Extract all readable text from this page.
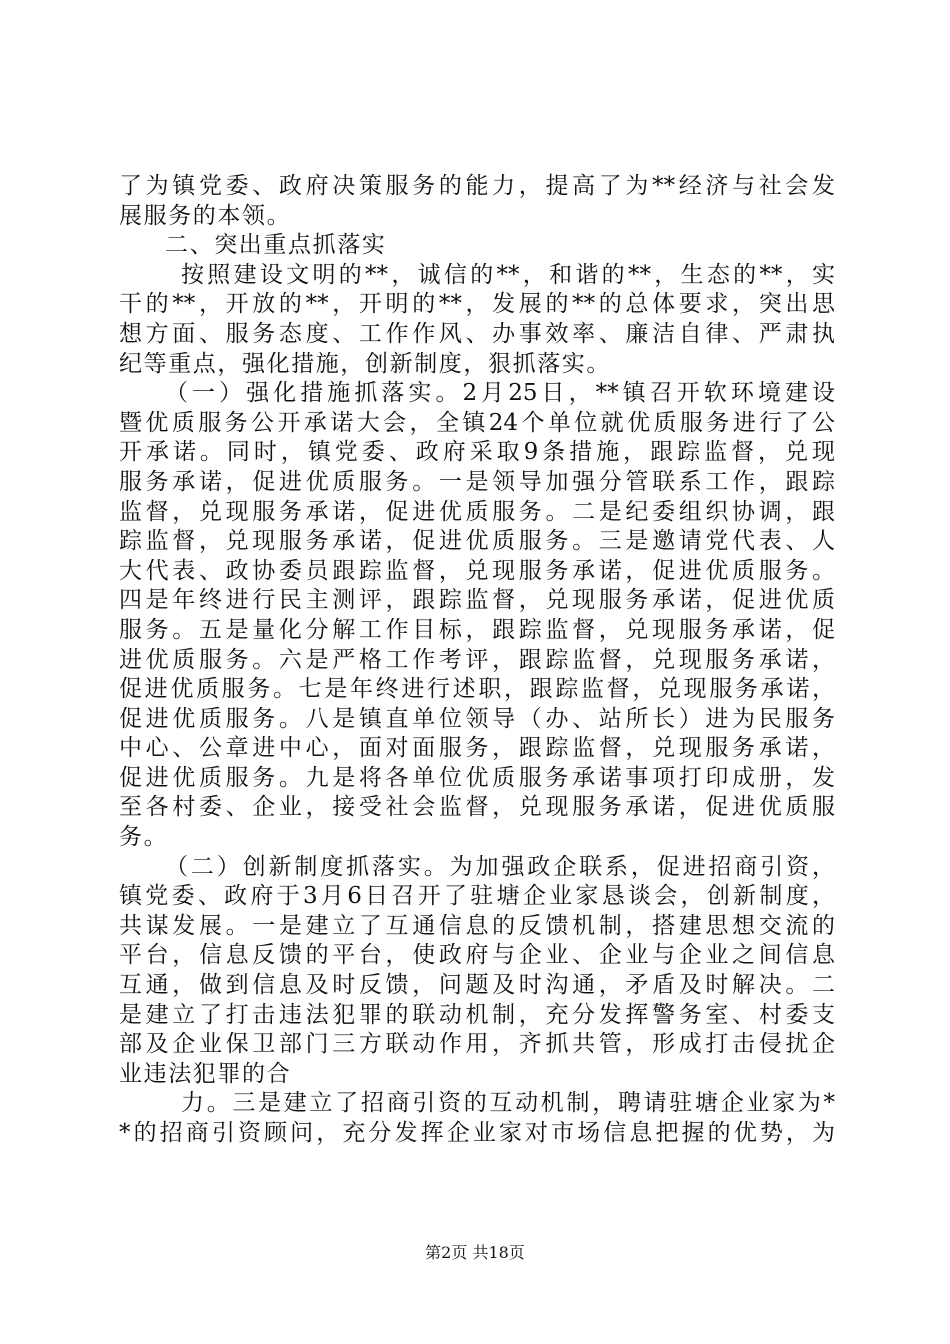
了为镇党委、政府决策服务的能力，提高了为**经济与社会发
展服务的本领。
二、突出重点抓落实
按照建设文明的**，诚信的**，和谐的**，生态的**，实
干的**，开放的**，开明的**，发展的**的总体要求，突出思
想方面、服务态度、工作作风、办事效率、廉洁自律、严肃执
纪等重点，强化措施，创新制度，狠抓落实。
（一）强化措施抓落实。2月25日，**镇召开软环境建设
暨优质服务公开承诺大会，全镇24个单位就优质服务进行了公
开承诺。同时，镇党委、政府采取9条措施，跟踪监督，兑现
服务承诺，促进优质服务。一是领导加强分管联系工作，跟踪
监督，兑现服务承诺，促进优质服务。二是纪委组织协调，跟
踪监督，兑现服务承诺，促进优质服务。三是邀请党代表、人
大代表、政协委员跟踪监督，兑现服务承诺，促进优质服务。
四是年终进行民主测评，跟踪监督，兑现服务承诺，促进优质
服务。五是量化分解工作目标，跟踪监督，兑现服务承诺，促
进优质服务。六是严格工作考评，跟踪监督，兑现服务承诺，
促进优质服务。七是年终进行述职，跟踪监督，兑现服务承诺，
促进优质服务。八是镇直单位领导（办、站所长）进为民服务
中心、公章进中心，面对面服务，跟踪监督，兑现服务承诺，
促进优质服务。九是将各单位优质服务承诺事项打印成册，发
至各村委、企业，接受社会监督，兑现服务承诺，促进优质服
务。
（二）创新制度抓落实。为加强政企联系，促进招商引资，
镇党委、政府于3月6日召开了驻塘企业家恳谈会，创新制度，
共谋发展。一是建立了互通信息的反馈机制，搭建思想交流的
平台，信息反馈的平台，使政府与企业、企业与企业之间信息
互通，做到信息及时反馈，问题及时沟通，矛盾及时解决。二
是建立了打击违法犯罪的联动机制，充分发挥警务室、村委支
部及企业保卫部门三方联动作用，齐抓共管，形成打击侵扰企
业违法犯罪的合
力。三是建立了招商引资的互动机制，聘请驻塘企业家为*
*的招商引资顾问，充分发挥企业家对市场信息把握的优势，为
第2页 共18页
